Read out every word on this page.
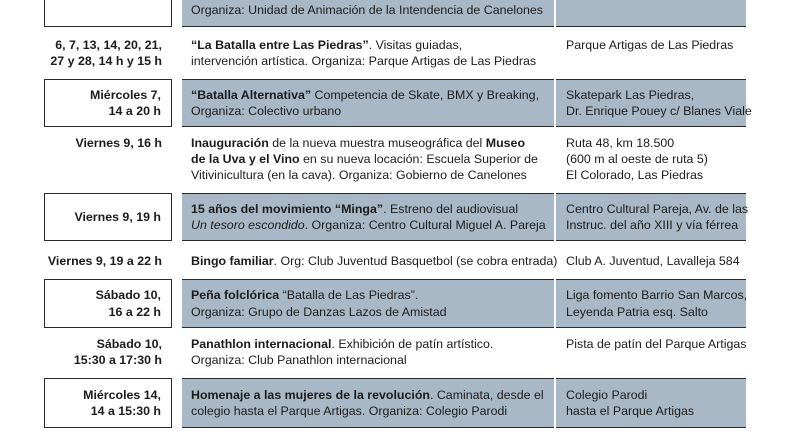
Organiza: Unidad de Animación de la Intendencia de Canelones
6, 7, 13, 14, 20, 21,
27 y 28, 14 h y 15 h
“La Batalla entre Las Piedras”. Visitas guiadas,
intervención artística. Organiza: Parque Artigas de Las Piedras
Parque Artigas de Las Piedras
Miércoles 7,
14 a 20 h
“Batalla Alternativa” Competencia de Skate, BMX y Breaking,
Organiza: Colectivo urbano
Skatepark Las Piedras,
Dr. Enrique Pouey c/ Blanes Viale
Viernes 9, 16 h Inauguración de la nueva muestra museográfica del Museo
de la Uva y el Vino en su nueva locación: Escuela Superior de
Vitivinicultura (en la cava). Organiza: Gobierno de Canelones
Ruta 48, km 18.500
(600 m al oeste de ruta 5)
El Colorado, Las Piedras
Viernes 9, 19 h
15 años del movimiento “Minga”. Estreno del audiovisual
Un tesoro escondido. Organiza: Centro Cultural Miguel A. Pareja
Centro Cultural Pareja, Av. de las
Instruc. del año XIII y vía férrea
Viernes 9, 19 a 22 h Bingo familiar. Org: Club Juventud Basquetbol (se cobra entrada) Club A. Juventud, Lavalleja 584
Sábado 10,
16 a 22 h
Peña folclórica “Batalla de Las Piedras”.
Organiza: Grupo de Danzas Lazos de Amistad
Liga fomento Barrio San Marcos,
Leyenda Patria esq. Salto
Sábado 10,
15:30 a 17:30 h
Panathlon internacional. Exhibición de patín artístico.
Organiza: Club Panathlon internacional
Pista de patín del Parque Artigas
Miércoles 14,
14 a 15:30 h
Homenaje a las mujeres de la revolución. Caminata, desde el
colegio hasta el Parque Artigas. Organiza: Colegio Parodi
Colegio Parodi
hasta el Parque Artigas
